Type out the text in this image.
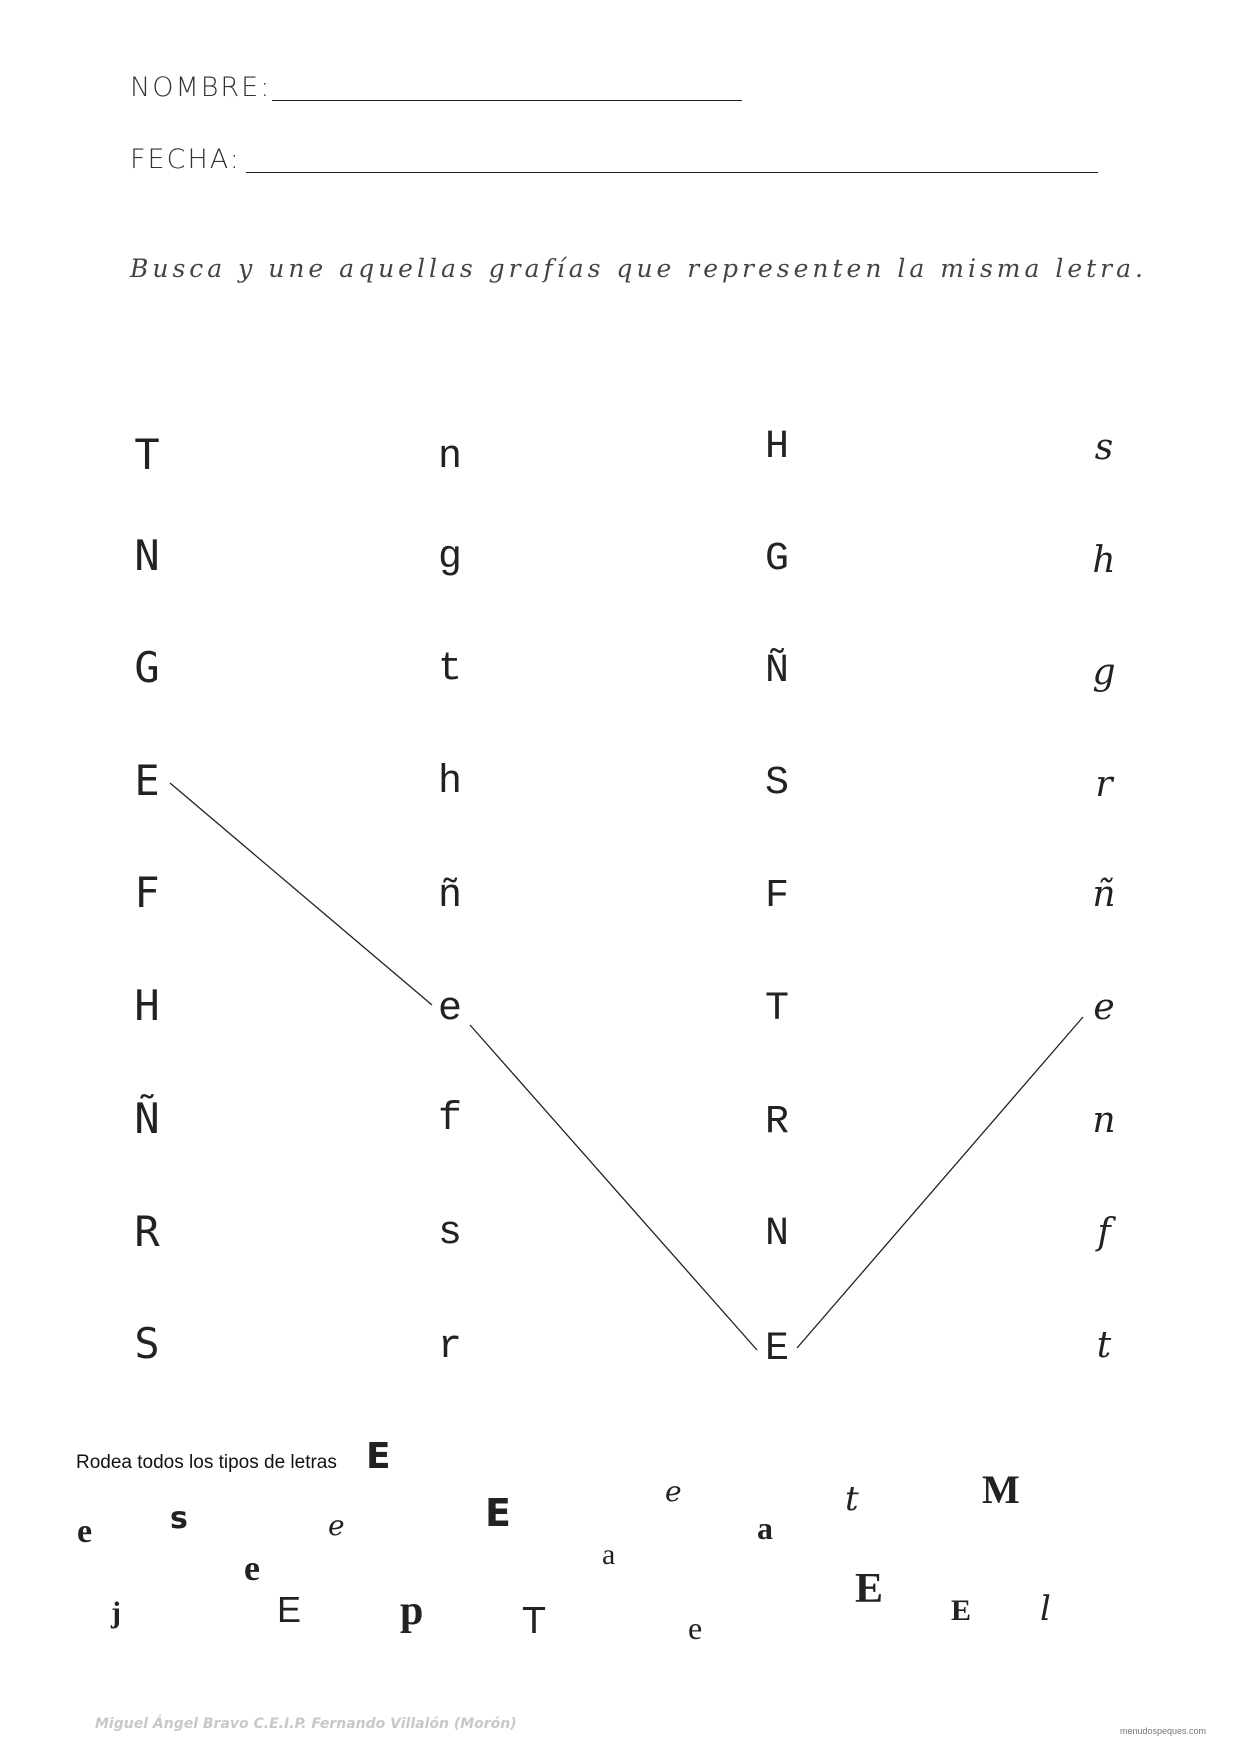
NOMBRE:
FECHA:
Busca y une aquellas grafías que representen la misma letra.
T
N
G
E
F
H
Ñ
R
S
n
g
t
h
ñ
e
f
s
r
H
G
Ñ
S
F
T
R
N
E
s
h
g
r
ñ
e
n
f
t
Rodea todos los tipos de letras E
e	s	e	E	e
a
t	M
e	a
j	E p	T	e
E E l
Miguel Ángel Bravo C.E.I.P. Fernando Villalón (Morón)	menudospeques.com
